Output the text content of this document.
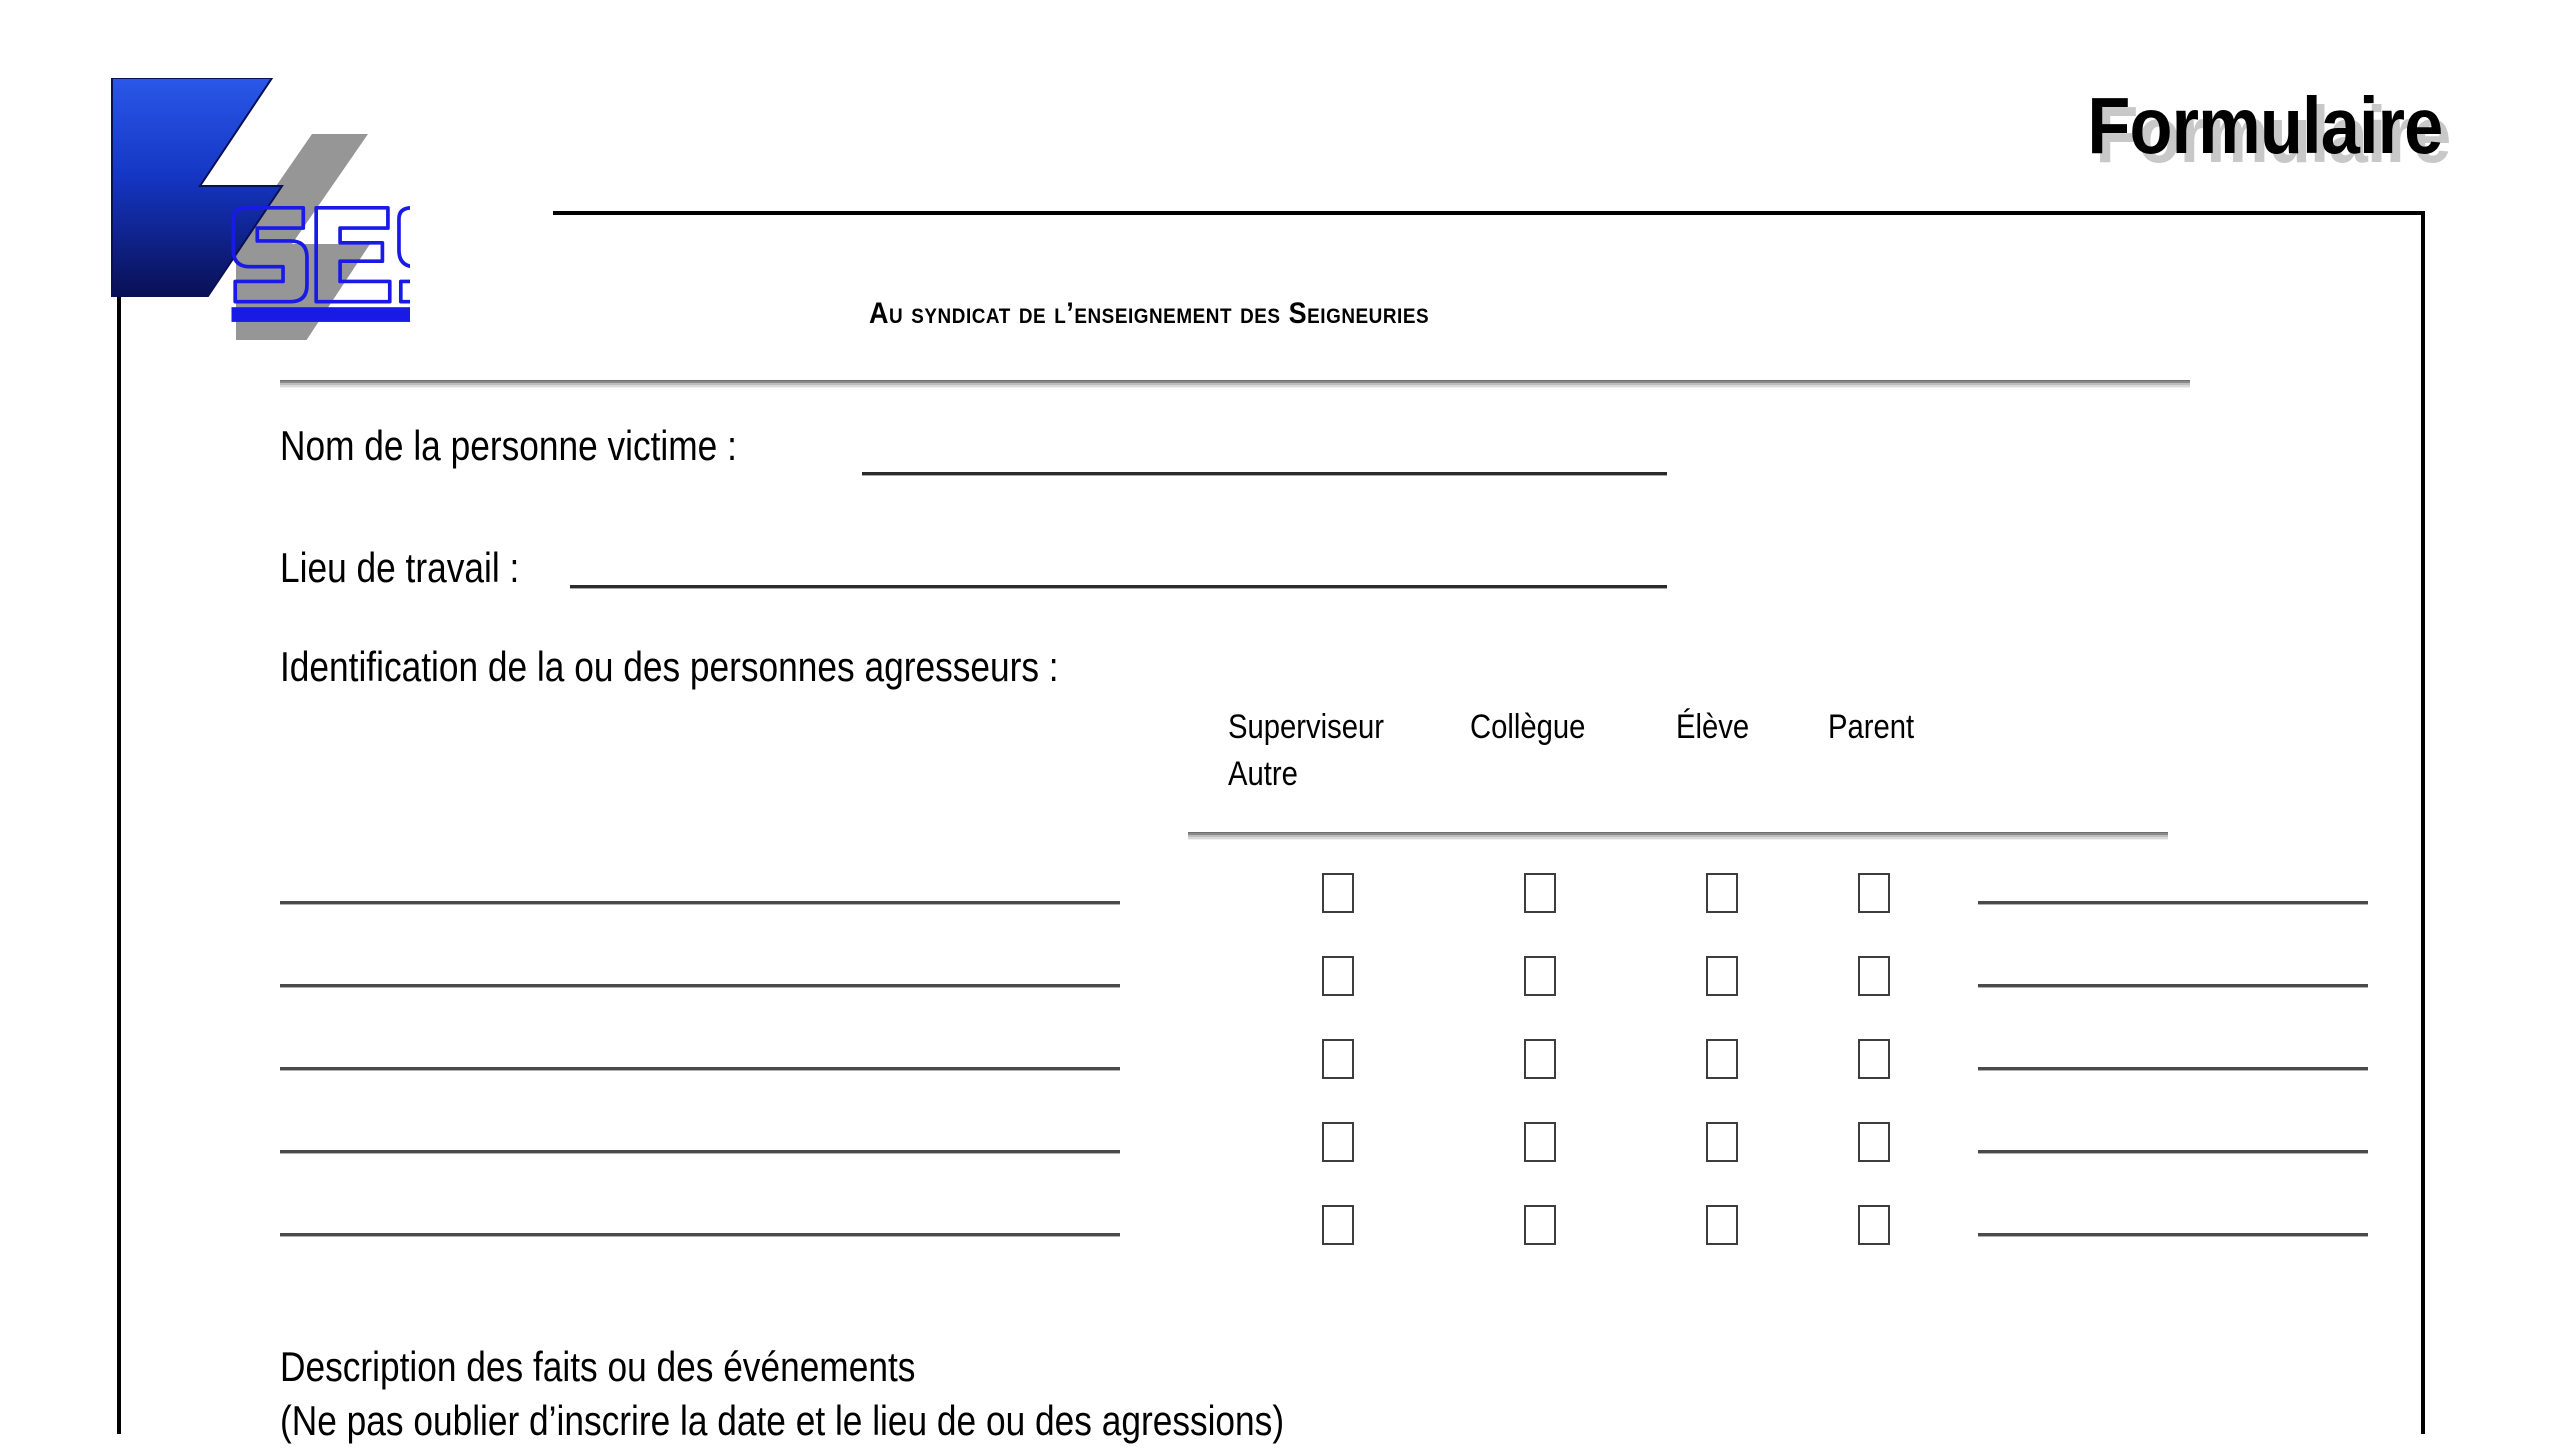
Formulaire
Au syndicat de l’enseignement des Seigneuries
Nom de la personne victime :
Lieu de travail :
Identification de la ou des personnes agresseurs :
Superviseur	Collègue	Élève Parent
Autre
Description des faits ou des événements
(Ne pas oublier d’inscrire la date et le lieu de ou des agressions)
